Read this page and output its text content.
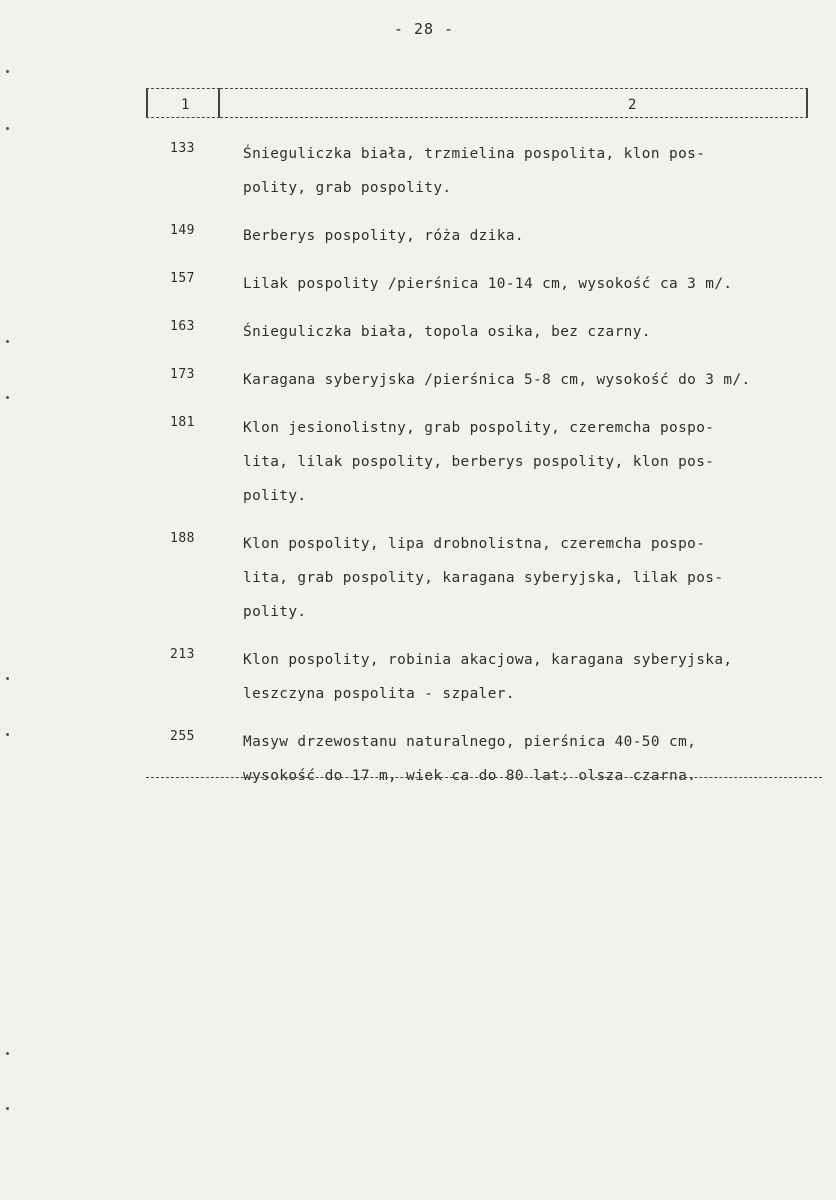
- 28 -
1	2
133	Śnieguliczka biała, trzmielina pospolita, klon pos-
polity, grab pospolity.
149	Berberys pospolity, róża dzika.
157	Lilak pospolity /pierśnica 10-14 cm, wysokość ca 3 m/.
163	Śnieguliczka biała, topola osika, bez czarny.
173	Karagana syberyjska /pierśnica 5-8 cm, wysokość do 3 m/.
181	Klon jesionolistny, grab pospolity, czeremcha pospo-
lita, lilak pospolity, berberys pospolity, klon pos-
polity.
188	Klon pospolity, lipa drobnolistna, czeremcha pospo-
lita, grab pospolity, karagana syberyjska, lilak pos-
polity.
213	Klon pospolity, robinia akacjowa, karagana syberyjska,
leszczyna pospolita - szpaler.
255	Masyw drzewostanu naturalnego, pierśnica 40-50 cm,
wysokość do 17 m, wiek ca do 80 lat: olsza czarna.
